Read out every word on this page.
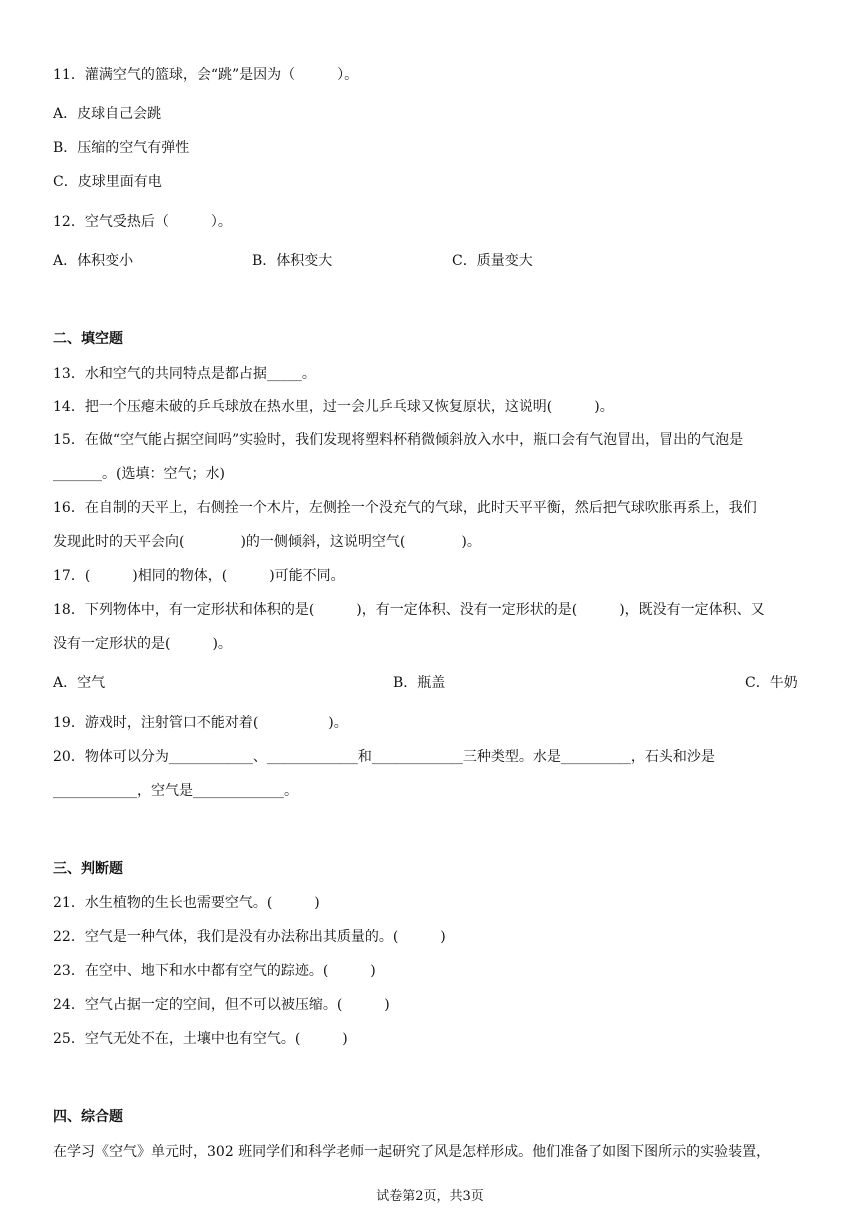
11．灌满空气的篮球，会“跳”是因为（　　　）。
A．皮球自己会跳
B．压缩的空气有弹性
C．皮球里面有电
12．空气受热后（　　　）。
A．体积变小	B．体积变大	C．质量变大
二、填空题
13．水和空气的共同特点是都占据_____。
14．把一个压瘪未破的乒乓球放在热水里，过一会儿乒乓球又恢复原状，这说明(　　　)。
15．在做“空气能占据空间吗”实验时，我们发现将塑料杯稍微倾斜放入水中，瓶口会有气泡冒出，冒出的气泡是
_______。(选填：空气；水)
16．在自制的天平上，右侧拴一个木片，左侧拴一个没充气的气球，此时天平平衡，然后把气球吹胀再系上，我们
发现此时的天平会向(　　　　)的一侧倾斜，这说明空气(　　　　)。
17．(　　　)相同的物体，(　　　)可能不同。
18．下列物体中，有一定形状和体积的是(　　　)，有一定体积、没有一定形状的是(　　　)，既没有一定体积、又
没有一定形状的是(　　　)。
A．空气	B．瓶盖	C．牛奶
19．游戏时，注射管口不能对着(　　　　　)。
20．物体可以分为____________、_____________和_____________三种类型。水是__________，石头和沙是
____________，空气是_____________。
三、判断题
21．水生植物的生长也需要空气。(　　　)
22．空气是一种气体，我们是没有办法称出其质量的。(　　　)
23．在空中、地下和水中都有空气的踪迹。(　　　)
24．空气占据一定的空间，但不可以被压缩。(　　　)
25．空气无处不在，土壤中也有空气。(　　　)
四、综合题
在学习《空气》单元时，302 班同学们和科学老师一起研究了风是怎样形成。他们准备了如图下图所示的实验装置，
试卷第2页，共3页
